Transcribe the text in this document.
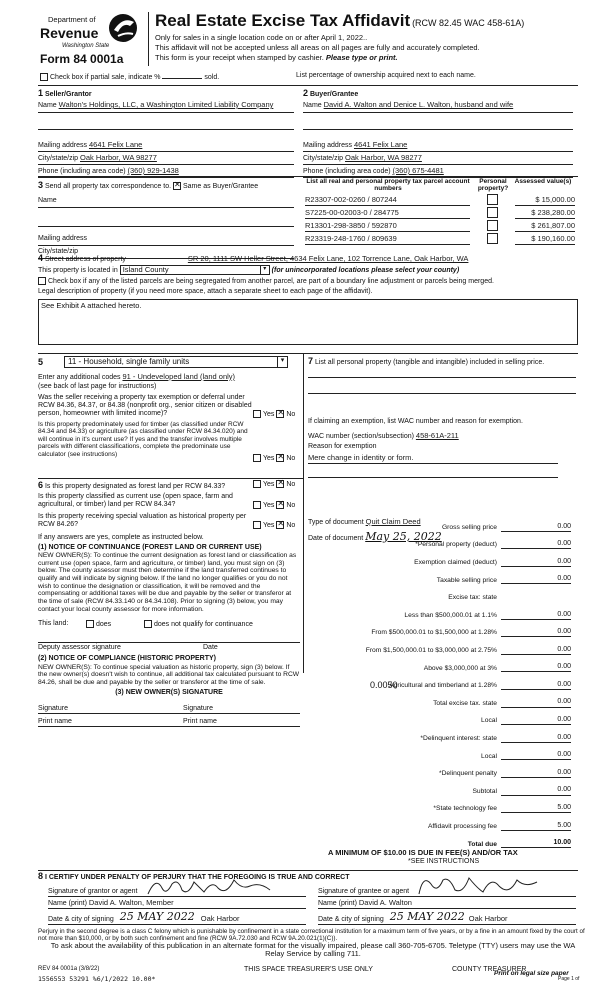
Department of
Revenue
Washington State
Form 84 0001a
Real Estate Excise Tax Affidavit (RCW 82.45 WAC 458-61A)
Only for sales in a single location code on or after April 1, 2022..
This affidavit will not be accepted unless all areas on all pages are fully and accurately completed.
This form is your receipt when stamped by cashier. Please type or print.
Check box if partial sale, indicate %	sold.	List percentage of ownership acquired next to each name.
1 Seller/Grantor
Name Walton's Holdings, LLC, a Washington Limited Liability Company
Mailing address 4641 Felix Lane
City/state/zip Oak Harbor, WA 98277
Phone (including area code) (360) 929-1438
2 Buyer/Grantee
Name David A. Walton and Denice L. Walton, husband and wife
Mailing address 4641 Felix Lane
City/state/zip Oak Harbor, WA 98277
Phone (including area code) (360) 675-4481
3 Send all property tax correspondence to. ✕ Same as Buyer/Grantee
Name
Mailing address
City/state/zip
List all real and personal property tax parcel account numbers
Personal property?
Assessed value(s)
R23307-002-0260 / 807244	$ 15,000.00
S7225-00-02003-0 / 284775	$ 238,280.00
R13301-298-3850 / 592870	$ 261,807.00
R23319-248-1760 / 809639	$ 190,160.00
4 Street address of property	SR 20, 1111 SW Heller Street, 4634 Felix Lane, 102 Torrence Lane, Oak Harbor, WA
This property is located in Island County	▾ (for unincorporated locations please select your county)
Check box if any of the listed parcels are being segregated from another parcel, are part of a boundary line adjustment or parcels being merged.
Legal description of property (if you need more space, attach a separate sheet to each page of the affidavit).
See Exhibit A attached hereto.
5	11 - Household, single family units	▾
Enter any additional codes 91 - Undeveloped land (land only)
(see back of last page for instructions)
Was the seller receiving a property tax exemption or deferral under RCW 84.36, 84.37, or 84.38 (nonprofit org., senior citizen or disabled person, homeowner with limited income)?	Yes ✕ No
Is this property predominately used for timber (as classified under RCW 84.34 and 84.33) or agriculture (as classified under RCW 84.34.020) and will continue in it's current use? If yes and the transfer involves multiple parcels with different classifications, complete the predominate use calculator (see instructions)
Yes ✕ No
6 Is this property designated as forest land per RCW 84.33?	Yes ✕ No
Is this property classified as current use (open space, farm and agricultural, or timber) land per RCW 84.34?	Yes ✕ No
Is this property receiving special valuation as historical property per RCW 84.26?	Yes ✕ No
If any answers are yes, complete as instructed below.
(1) NOTICE OF CONTINUANCE (FOREST LAND OR CURRENT USE)
NEW OWNER(S): To continue the current designation as forest land or classification as current use (open space, farm and agriculture, or timber) land, you must sign on (3) below. The county assessor must then determine if the land transferred continues to qualify and will indicate by signing below. If the land no longer qualifies or you do not wish to continue the designation or classification, it will be removed and the compensating or additional taxes will be due and payable by the seller or transferor at the time of sale (RCW 84.33.140 or 84.34.108). Prior to signing (3) below, you may contact your local county assessor for more information.
This land:	does	does not qualify for continuance
Deputy assessor signature	Date
(2) NOTICE OF COMPLIANCE (HISTORIC PROPERTY)
NEW OWNER(S): To continue special valuation as historic property, sign (3) below. If the new owner(s) doesn't wish to continue, all additional tax calculated pursuant to RCW 84.26, shall be due and payable by the seller or transferor at the time of sale.
(3) NEW OWNER(S) SIGNATURE
Signature	Signature
Print name	Print name
7 List all personal property (tangible and intangible) included in selling price.
If claiming an exemption, list WAC number and reason for exemption.
WAC number (section/subsection) 458-61A-211
Reason for exemption
Mere change in identity or form.
Type of document Quit Claim Deed
Date of document May 25, 2022
Gross selling price	0.00
*Personal property (deduct)	0.00
Exemption claimed (deduct)	0.00
Taxable selling price	0.00
Excise tax: state
Less than $500,000.01 at 1.1%	0.00
From $500,000.01 to $1,500,000 at 1.28%	0.00
From $1,500,000.01 to $3,000,000 at 2.75%	0.00
Above $3,000,000 at 3%	0.00
Agricultural and timberland at 1.28%	0.00
Total excise tax. state	0.00
Local	0.00
*Delinquent interest: state	0.00
Local	0.00
*Delinquent penalty	0.00
Subtotal	0.00
*State technology fee	5.00
Affidavit processing fee	5.00
Total due	10.00
0.0050
A MINIMUM OF $10.00 IS DUE IN FEE(S) AND/OR TAX
*SEE INSTRUCTIONS
8 I CERTIFY UNDER PENALTY OF PERJURY THAT THE FOREGOING IS TRUE AND CORRECT
Signature of grantor or agent
Name (print) David A. Walton, Member
Date & city of signing 25 MAY 2022 Oak Harbor
Signature of grantee or agent
Name (print) David A. Walton
Date & city of signing 25 MAY 2022 Oak Harbor
Perjury in the second degree is a class C felony which is punishable by confinement in a state correctional institution for a maximum term of five years, or by a fine in an amount fixed by the court of not more than $10,000, or by both such confinement and fine (RCW 9A.72.030 and RCW 9A.20.021(1)(C)).
To ask about the availability of this publication in an alternate format for the visually impaired, please call 360-705-6705. Teletype (TTY) users may use the WA Relay Service by calling 711.
REV 84 0001a (3/8/22)	THIS SPACE TREASURER'S USE ONLY	COUNTY TREASURER
1556553 53291 %6/1/2022 10.00*
Print on legal size paper
Page 1 of
